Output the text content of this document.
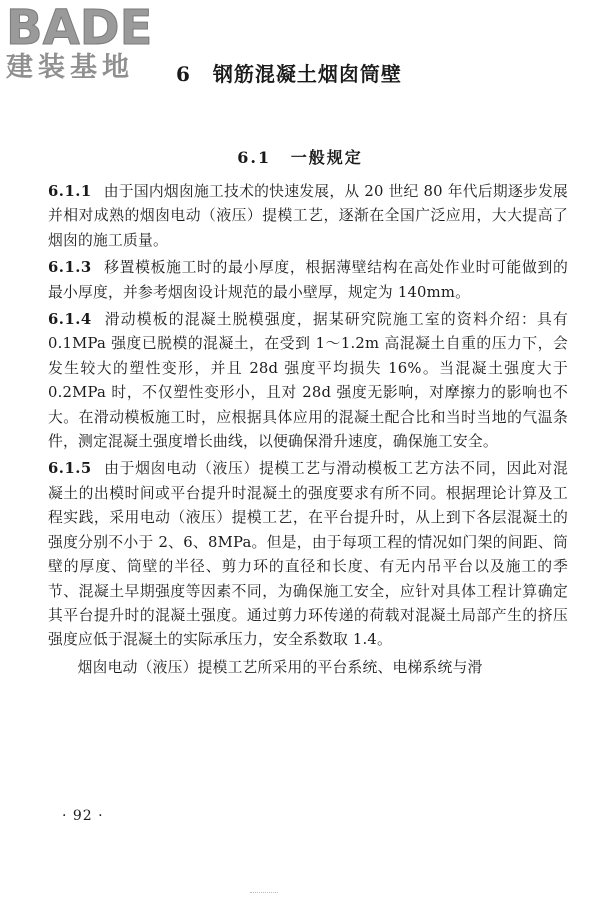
BADE
建装基地	6 钢筋混凝土烟囱筒壁
6.1 一般规定

6.1.1 由于国内烟囱施工技术的快速发展，从 20 世纪 80 年代后期逐步发展并相对成熟的烟囱电动（液压）提模工艺，逐渐在全国广泛应用，大大提高了烟囱的施工质量。

6.1.3 移置模板施工时的最小厚度，根据薄壁结构在高处作业时可能做到的最小厚度，并参考烟囱设计规范的最小壁厚，规定为 140mm。

6.1.4 滑动模板的混凝土脱模强度，据某研究院施工室的资料介绍：具有 0.1MPa 强度已脱模的混凝土，在受到 1～1.2m 高混凝土自重的压力下，会发生较大的塑性变形，并且 28d 强度平均损失 16%。当混凝土强度大于 0.2MPa 时，不仅塑性变形小，且对 28d 强度无影响，对摩擦力的影响也不大。在滑动模板施工时，应根据具体应用的混凝土配合比和当时当地的气温条件，测定混凝土强度增长曲线，以便确保滑升速度，确保施工安全。

6.1.5 由于烟囱电动（液压）提模工艺与滑动模板工艺方法不同，因此对混凝土的出模时间或平台提升时混凝土的强度要求有所不同。根据理论计算及工程实践，采用电动（液压）提模工艺，在平台提升时，从上到下各层混凝土的强度分别不小于 2、6、8MPa。但是，由于每项工程的情况如门架的间距、筒壁的厚度、筒壁的半径、剪力环的直径和长度、有无内吊平台以及施工的季节、混凝土早期强度等因素不同，为确保施工安全，应针对具体工程计算确定其平台提升时的混凝土强度。通过剪力环传递的荷载对混凝土局部产生的挤压强度应低于混凝土的实际承压力，安全系数取 1.4。

烟囱电动（液压）提模工艺所采用的平台系统、电梯系统与滑

· 92 ·
